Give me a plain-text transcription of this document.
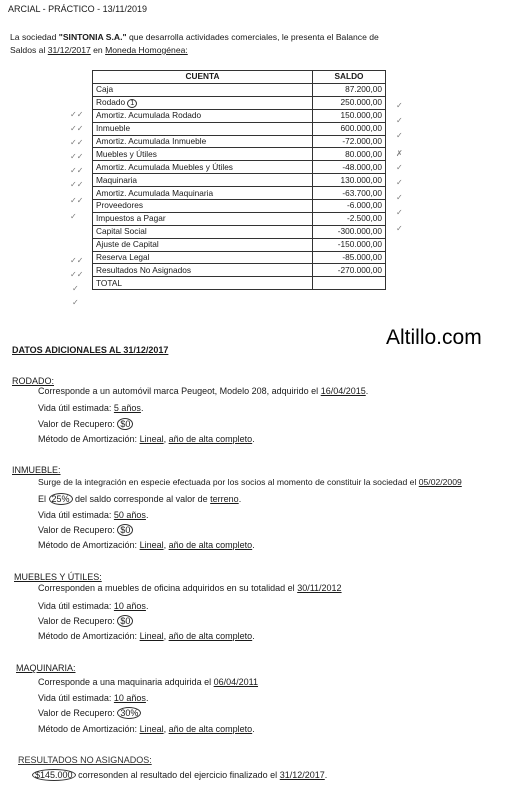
ARCIAL - PRÁCTICO - 13/11/2019
La sociedad "SINTONIA S.A." que desarrolla actividades comerciales, le presenta el Balance de
Saldos al 31/12/2017 en Moneda Homogénea:
CUENTA	SALDO
Caja	87.200,00
Rodado 1	250.000,00
Amortiz. Acumulada Rodado	150.000,00
Inmueble	600.000,00
Amortiz. Acumulada Inmueble	-72.000,00
Muebles y Útiles	80.000,00
Amortiz. Acumulada Muebles y Útiles	-48.000,00
Maquinaria	130.000,00
Amortiz. Acumulada Maquinaria	-63.700,00
Proveedores	-6.000,00
Impuestos a Pagar	-2.500,00
Capital Social	-300.000,00
Ajuste de Capital	-150.000,00
Reserva Legal	-85.000,00
Resultados No Asignados	-270.000,00
TOTAL	
✓✓
✓✓
✓✓
✓✓
✓✓
✓✓
✓✓
✓
✓✓
✓✓
✓
✓
✓
✓
✓
✗
✓
✓
✓
✓
✓
Altillo.com
DATOS ADICIONALES AL 31/12/2017
RODADO:
Corresponde a un automóvil marca Peugeot, Modelo 208, adquirido el 16/04/2015.
Vida útil estimada: 5 años.
Valor de Recupero: $0
Método de Amortización: Lineal, año de alta completo.
INMUEBLE:
Surge de la integración en especie efectuada por los socios al momento de constituir la sociedad el 05/02/2009
El 25% del saldo corresponde al valor de terreno.
Vida útil estimada: 50 años.
Valor de Recupero: $0
Método de Amortización: Lineal, año de alta completo.
MUEBLES Y ÚTILES:
Corresponden a muebles de oficina adquiridos en su totalidad el 30/11/2012
Vida útil estimada: 10 años.
Valor de Recupero: $0
Método de Amortización: Lineal, año de alta completo.
MAQUINARIA:
Corresponde a una maquinaria adquirida el 06/04/2011
Vida útil estimada: 10 años.
Valor de Recupero: 30%
Método de Amortización: Lineal, año de alta completo.
RESULTADOS NO ASIGNADOS:
$145.000 corresonden al resultado del ejercicio finalizado el 31/12/2017.
